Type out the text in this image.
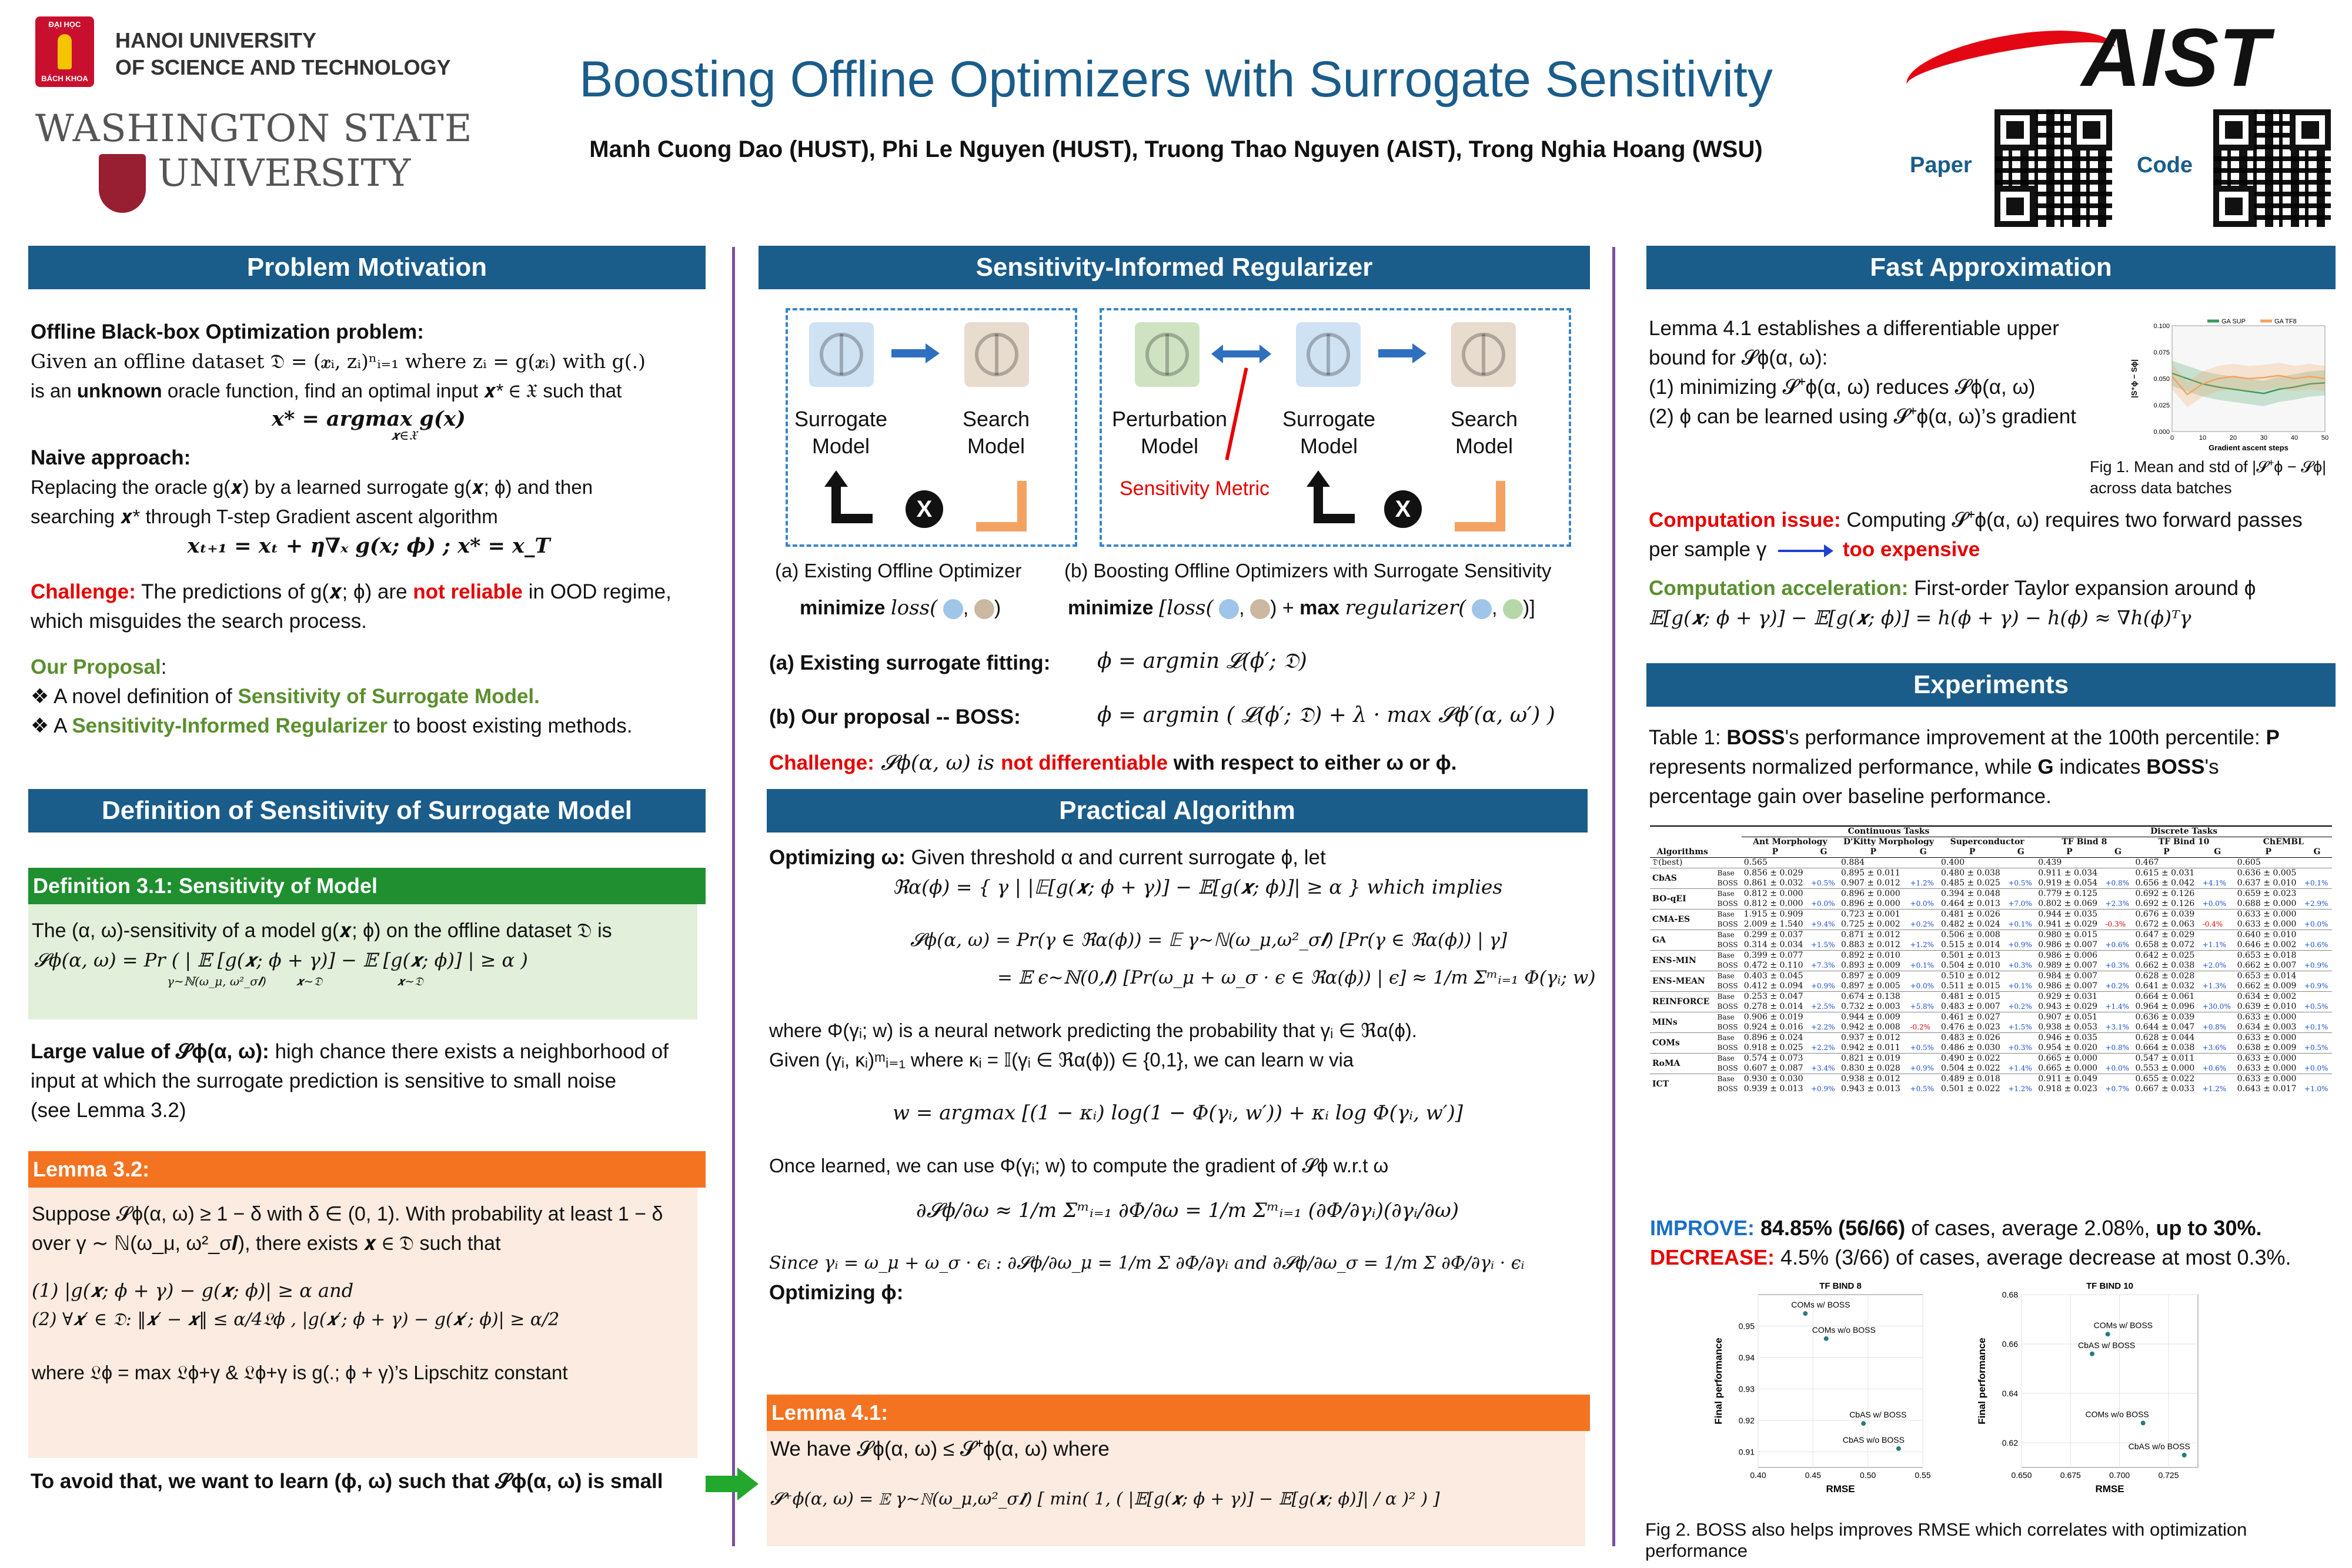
ĐẠI HỌC
BÁCH KHOA
HANOI UNIVERSITY
OF SCIENCE AND TECHNOLOGY
WASHINGTON STATE
UNIVERSITY
Boosting Offline Optimizers with Surrogate Sensitivity
Manh Cuong Dao (HUST), Phi Le Nguyen (HUST), Truong Thao Nguyen (AIST), Trong Nghia Hoang (WSU)
AIST
Paper	Code
Problem Motivation
Offline Black-box Optimization problem:
Given an offline dataset 𝔇 = (𝒙ᵢ, zᵢ)ⁿᵢ₌₁ where zᵢ = g(𝒙ᵢ) with g(.)
is an unknown oracle function, find an optimal input 𝒙* ∈ 𝔛 such that
𝒙* = argmax g(𝒙)
𝒙∈𝔛
Naive approach:
Replacing the oracle g(𝒙) by a learned surrogate g(𝒙; ϕ) and then
searching 𝒙* through T-step Gradient ascent algorithm
𝒙ₜ₊₁ = 𝒙ₜ + η∇ₓ g(𝒙; ϕ) ; 𝒙* = 𝒙_T
Challenge: The predictions of g(𝒙; ϕ) are not reliable in OOD regime,
which misguides the search process.
Our Proposal:
❖ A novel definition of Sensitivity of Surrogate Model.
❖ A Sensitivity-Informed Regularizer to boost existing methods.
Definition of Sensitivity of Surrogate Model
Definition 3.1: Sensitivity of Model
The (α, ω)-sensitivity of a model g(𝒙; ϕ) on the offline dataset 𝔇 is
𝓢ϕ(α, ω) = Pr ( | 𝔼 [g(𝒙; ϕ + γ)] − 𝔼 [g(𝒙; ϕ)] | ≥ α )
γ∼ℕ(ω_μ, ω²_σ𝑰)        𝒙∼𝔇                    𝒙∼𝔇
Large value of 𝓢ϕ(α, ω): high chance there exists a neighborhood of
input at which the surrogate prediction is sensitive to small noise
(see Lemma 3.2)
Lemma 3.2:
Suppose 𝓢ϕ(α, ω) ≥ 1 − δ with δ ∈ (0, 1). With probability at least 1 − δ
over γ ∼ ℕ(ω_μ, ω²_σ𝑰), there exists 𝒙 ∈ 𝔇 such that
(1) |g(𝒙; ϕ + γ) − g(𝒙; ϕ)| ≥ α and
(2) ∀𝒙′ ∈ 𝔇: ‖𝒙′ − 𝒙‖ ≤ α/4𝔏ϕ , |g(𝒙′; ϕ + γ) − g(𝒙′; ϕ)| ≥ α/2
where 𝔏ϕ = max 𝔏ϕ+γ & 𝔏ϕ+γ is g(.; ϕ + γ)’s Lipschitz constant
To avoid that, we want to learn (ϕ, ω) such that 𝓢ϕ(α, ω) is small
Sensitivity-Informed Regularizer
Surrogate
Model
Search
Model
X
Perturbation
Model
Surrogate
Model
Search
Model
Sensitivity Metric
X
(a) Existing Offline Optimizer (b) Boosting Offline Optimizers with Surrogate Sensitivity
minimize loss( , )	minimize [loss( , ) + max regularizer( , )]
(a) Existing surrogate fitting: ϕ = argmin 𝓛(ϕ′; 𝔇)
(b) Our proposal -- BOSS:	ϕ = argmin ( 𝓛(ϕ′; 𝔇) + λ · max 𝓢ϕ′(α, ω′) )
Challenge: 𝓢ϕ(α, ω) is not differentiable with respect to either ω or ϕ.
Practical Algorithm
Optimizing ω: Given threshold α and current surrogate ϕ, let
ℜα(ϕ) = { γ | |𝔼[g(𝒙; ϕ + γ)] − 𝔼[g(𝒙; ϕ)]| ≥ α } which implies
𝓢ϕ(α, ω) = Pr(γ ∈ ℜα(ϕ)) = 𝔼 γ∼ℕ(ω_μ,ω²_σ𝑰) [Pr(γ ∈ ℜα(ϕ)) | γ]
= 𝔼 ϵ∼ℕ(0,𝑰) [Pr(ω_μ + ω_σ · ϵ ∈ ℜα(ϕ)) | ϵ] ≈ 1/m Σᵐᵢ₌₁ Φ(γᵢ; w)
where Φ(γᵢ; w) is a neural network predicting the probability that γᵢ ∈ ℜα(ϕ).
Given (γᵢ, κᵢ)ᵐᵢ₌₁ where κᵢ = 𝕀(γᵢ ∈ ℜα(ϕ)) ∈ {0,1}, we can learn w via
w = argmax [(1 − κᵢ) log(1 − Φ(γᵢ, w′)) + κᵢ log Φ(γᵢ, w′)]
Once learned, we can use Φ(γᵢ; w) to compute the gradient of 𝓢ϕ w.r.t ω
∂𝓢ϕ/∂ω ≈ 1/m Σᵐᵢ₌₁ ∂Φ/∂ω = 1/m Σᵐᵢ₌₁ (∂Φ/∂γᵢ)(∂γᵢ/∂ω)
Since γᵢ = ω_μ + ω_σ · ϵᵢ : ∂𝓢ϕ/∂ω_μ = 1/m Σ ∂Φ/∂γᵢ and ∂𝓢ϕ/∂ω_σ = 1/m Σ ∂Φ/∂γᵢ · ϵᵢ
Optimizing ϕ:
Lemma 4.1:
We have 𝓢ϕ(α, ω) ≤ 𝓢⁺ϕ(α, ω) where
𝓢⁺ϕ(α, ω) = 𝔼 γ∼ℕ(ω_μ,ω²_σ𝑰) [ min( 1, ( |𝔼[g(𝒙; ϕ + γ)] − 𝔼[g(𝒙; ϕ)]| / α )² ) ]
Fast Approximation
Lemma 4.1 establishes a differentiable upper
bound for 𝓢ϕ(α, ω):
(1) minimizing 𝓢⁺ϕ(α, ω) reduces 𝓢ϕ(α, ω)
(2) ϕ can be learned using 𝓢⁺ϕ(α, ω)’s gradient
0.000
0.025
0.050
0.075
0.100
0	10	20	30	40	50
Gradient ascent steps
|S⁺ϕ − Sϕ|
GA SUP	GA TF8
Fig 1. Mean and std of |𝓢⁺ϕ − 𝓢ϕ|
across data batches
Computation issue: Computing 𝓢⁺ϕ(α, ω) requires two forward passes
per sample γ	too expensive
Computation acceleration: First-order Taylor expansion around ϕ
𝔼[g(𝒙; ϕ + γ)] − 𝔼[g(𝒙; ϕ)] = h(ϕ + γ) − h(ϕ) ≈ ∇h(ϕ)ᵀγ
Experiments
Table 1: BOSS's performance improvement at the 100th percentile: P
represents normalized performance, while G indicates BOSS's
percentage gain over baseline performance.
		Continuous Tasks						Discrete Tasks					
		Ant Morphology		D'Kitty Morphology		Superconductor		TF Bind 8		TF Bind 10		ChEMBL	
Algorithms		P	G	P	G	P	G	P	G	P	G	P	G
𝔇(best)		0.565		0.884		0.400		0.439		0.467		0.605	
CbAS	Base	0.856 ± 0.029		0.895 ± 0.011		0.480 ± 0.038		0.911 ± 0.034		0.615 ± 0.031		0.636 ± 0.005	
	BOSS	0.861 ± 0.032	+0.5%	0.907 ± 0.012	+1.2%	0.485 ± 0.025	+0.5%	0.919 ± 0.054	+0.8%	0.656 ± 0.042	+4.1%	0.637 ± 0.010	+0.1%
BO-qEI	Base	0.812 ± 0.000		0.896 ± 0.000		0.394 ± 0.048		0.779 ± 0.125		0.692 ± 0.126		0.659 ± 0.023	
	BOSS	0.812 ± 0.000	+0.0%	0.896 ± 0.000	+0.0%	0.464 ± 0.013	+7.0%	0.802 ± 0.069	+2.3%	0.692 ± 0.126	+0.0%	0.688 ± 0.000	+2.9%
CMA-ES	Base	1.915 ± 0.909		0.723 ± 0.001		0.481 ± 0.026		0.944 ± 0.035		0.676 ± 0.039		0.633 ± 0.000	
	BOSS	2.009 ± 1.540	+9.4%	0.725 ± 0.002	+0.2%	0.482 ± 0.024	+0.1%	0.941 ± 0.029	-0.3%	0.672 ± 0.063	-0.4%	0.633 ± 0.000	+0.0%
GA	Base	0.299 ± 0.037		0.871 ± 0.012		0.506 ± 0.008		0.980 ± 0.015		0.647 ± 0.029		0.640 ± 0.010	
	BOSS	0.314 ± 0.034	+1.5%	0.883 ± 0.012	+1.2%	0.515 ± 0.014	+0.9%	0.986 ± 0.007	+0.6%	0.658 ± 0.072	+1.1%	0.646 ± 0.002	+0.6%
ENS-MIN	Base	0.399 ± 0.077		0.892 ± 0.010		0.501 ± 0.013		0.986 ± 0.006		0.642 ± 0.025		0.653 ± 0.018	
	BOSS	0.472 ± 0.110	+7.3%	0.893 ± 0.009	+0.1%	0.504 ± 0.010	+0.3%	0.989 ± 0.007	+0.3%	0.662 ± 0.038	+2.0%	0.662 ± 0.007	+0.9%
ENS-MEAN	Base	0.403 ± 0.045		0.897 ± 0.009		0.510 ± 0.012		0.984 ± 0.007		0.628 ± 0.028		0.653 ± 0.014	
	BOSS	0.412 ± 0.094	+0.9%	0.897 ± 0.005	+0.0%	0.511 ± 0.015	+0.1%	0.986 ± 0.007	+0.2%	0.641 ± 0.032	+1.3%	0.662 ± 0.009	+0.9%
REINFORCE	Base	0.253 ± 0.047		0.674 ± 0.138		0.481 ± 0.015		0.929 ± 0.031		0.664 ± 0.061		0.634 ± 0.002	
	BOSS	0.278 ± 0.014	+2.5%	0.732 ± 0.003	+5.8%	0.483 ± 0.007	+0.2%	0.943 ± 0.029	+1.4%	0.964 ± 0.096	+30.0%	0.639 ± 0.010	+0.5%
MINs	Base	0.906 ± 0.019		0.944 ± 0.009		0.461 ± 0.027		0.907 ± 0.051		0.636 ± 0.039		0.633 ± 0.000	
	BOSS	0.924 ± 0.016	+2.2%	0.942 ± 0.008	-0.2%	0.476 ± 0.023	+1.5%	0.938 ± 0.053	+3.1%	0.644 ± 0.047	+0.8%	0.634 ± 0.003	+0.1%
COMs	Base	0.896 ± 0.024		0.937 ± 0.012		0.483 ± 0.026		0.946 ± 0.035		0.628 ± 0.044		0.633 ± 0.000	
	BOSS	0.918 ± 0.025	+2.2%	0.942 ± 0.011	+0.5%	0.486 ± 0.030	+0.3%	0.954 ± 0.020	+0.8%	0.664 ± 0.038	+3.6%	0.638 ± 0.009	+0.5%
RoMA	Base	0.574 ± 0.073		0.821 ± 0.019		0.490 ± 0.022		0.665 ± 0.000		0.547 ± 0.011		0.633 ± 0.000	
	BOSS	0.607 ± 0.087	+3.4%	0.830 ± 0.028	+0.9%	0.504 ± 0.022	+1.4%	0.665 ± 0.000	+0.0%	0.553 ± 0.000	+0.6%	0.633 ± 0.000	+0.0%
ICT	Base	0.930 ± 0.030		0.938 ± 0.012		0.489 ± 0.018		0.911 ± 0.049		0.655 ± 0.022		0.633 ± 0.000	
	BOSS	0.939 ± 0.013	+0.9%	0.943 ± 0.013	+0.5%	0.501 ± 0.022	+1.2%	0.918 ± 0.023	+0.7%	0.667 ± 0.033	+1.2%	0.643 ± 0.017	+1.0%
IMPROVE: 84.85% (56/66) of cases, average 2.08%, up to 30%.
DECREASE: 4.5% (3/66) of cases, average decrease at most 0.3%.
TF BIND 8
0.40	0.45	0.50	0.55
0.91
0.92
0.93
0.94
0.95
RMSE
Final performance
COMs w/ BOSS
COMs w/o BOSS
CbAS w/ BOSS
CbAS w/o BOSS
TF BIND 10
0.650	0.675	0.700	0.725
0.62
0.64
0.66
0.68
RMSE
Final performance
COMs w/ BOSS
CbAS w/ BOSS
COMs w/o BOSS
CbAS w/o BOSS
Fig 2. BOSS also helps improves RMSE which correlates with optimization performance
